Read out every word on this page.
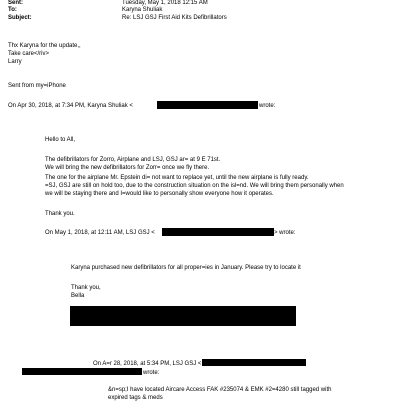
Sent:	Tuesday, May 1, 2018 12:15 AM
To:	Karyna Shuliak
Subject:	Re: LSJ GSJ First Aid Kits Defibrillators
Thx Karyna for the update,,
Take care</riv>
Larry
Sent from my=iPhone
On Apr 30, 2018, at 7:34 PM, Karyna Shuliak <	wrote:
Hello to All,
The defibrillators for Zorro, Airplane and LSJ, GSJ ar= at 9 E 71st.
We will bring the new defibrillators for Zorr= once we fly there.
The one for the airplane Mr. Epstein di= not want to replace yet, until the new airplane is fully ready.
=SJ, GSJ are still on hold too, due to the construction situation on the isl=nd. We will bring them personally when
we will be staying there and I=would like to personally show everyone how it operates.
Thank you.
On May 1, 2018, at 12:11 AM, LSJ GSJ <	> wrote:
Karyna purchased new defibrillators for all proper=ies in January. Please try to locate it
Thank you,
Bella
On A=r 28, 2018, at 5:34 PM, LSJ GSJ <
wrote:
&n=sp;I have located Aircare Access FAK #235074 & EMK #2=4280 still tagged with
expired tags & meds
